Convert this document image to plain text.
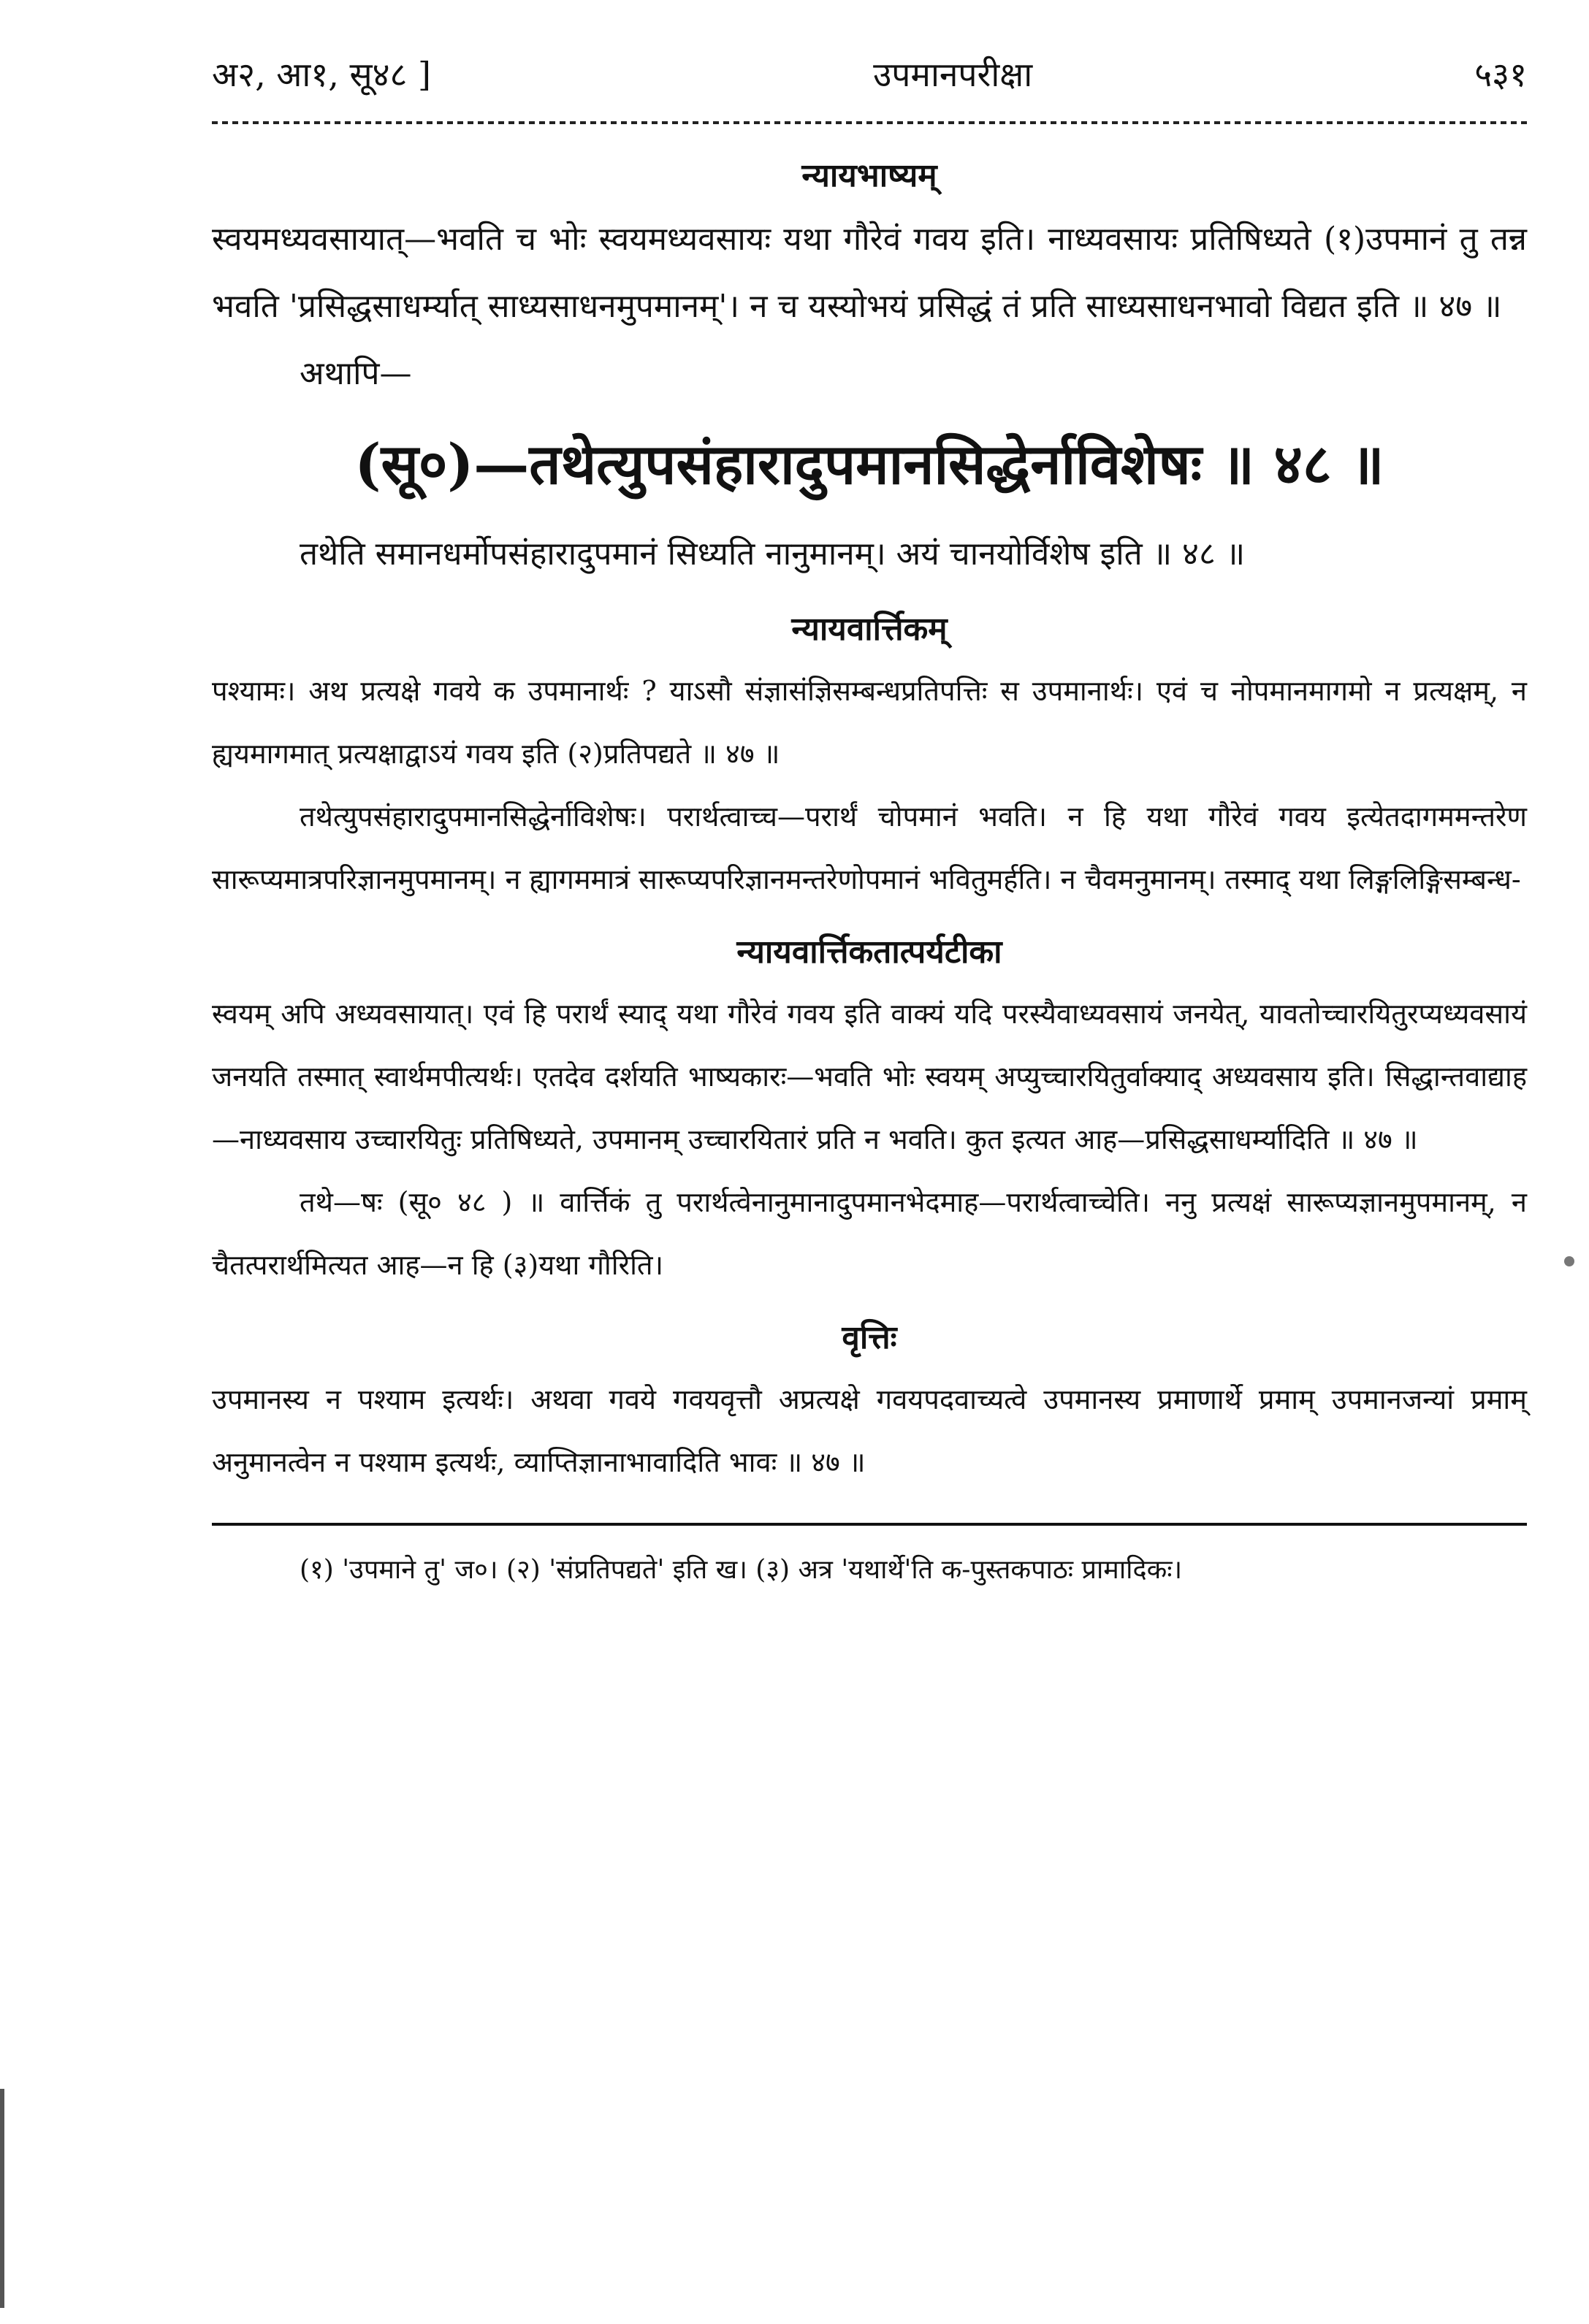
अ२, आ१, सू४८ ]	उपमानपरीक्षा	५३१
न्यायभाष्यम्

स्वयमध्यवसायात्—भवति च भोः स्वयमध्यवसायः यथा गौरेवं गवय इति। नाध्यवसायः प्रतिषिध्यते (१)उपमानं तु तन्न भवति 'प्रसिद्धसाधर्म्यात् साध्यसाधनमुपमानम्'। न च यस्योभयं प्रसिद्धं तं प्रति साध्यसाधनभावो विद्यत इति ॥ ४७ ॥

अथापि—

(सू०)—तथेत्युपसंहारादुपमानसिद्धेर्नाविशेषः ॥ ४८ ॥

तथेति समानधर्मोपसंहारादुपमानं सिध्यति नानुमानम्। अयं चानयोर्विशेष इति ॥ ४८ ॥

न्यायवार्त्तिकम्

पश्यामः। अथ प्रत्यक्षे गवये क उपमानार्थः ? याऽसौ संज्ञासंज्ञिसम्बन्धप्रतिपत्तिः स उपमानार्थः। एवं च नोपमानमागमो न प्रत्यक्षम्, न ह्ययमागमात् प्रत्यक्षाद्वाऽयं गवय इति (२)प्रतिपद्यते ॥ ४७ ॥

तथेत्युपसंहारादुपमानसिद्धेर्नाविशेषः। परार्थत्वाच्च—परार्थं चोपमानं भवति। न हि यथा गौरेवं गवय इत्येतदागममन्तरेण सारूप्यमात्रपरिज्ञानमुपमानम्। न ह्यागममात्रं सारूप्यपरिज्ञानमन्तरेणोपमानं भवितुमर्हति। न चैवमनुमानम्। तस्माद् यथा लिङ्गलिङ्गिसम्बन्ध-

न्यायवार्त्तिकतात्पर्यटीका

स्वयम् अपि अध्यवसायात्। एवं हि परार्थं स्याद् यथा गौरेवं गवय इति वाक्यं यदि परस्यैवाध्यवसायं जनयेत्, यावतोच्चारयितुरप्यध्यवसायं जनयति तस्मात् स्वार्थमपीत्यर्थः। एतदेव दर्शयति भाष्यकारः—भवति भोः स्वयम् अप्युच्चारयितुर्वाक्याद् अध्यवसाय इति। सिद्धान्तवाद्याह—नाध्यवसाय उच्चारयितुः प्रतिषिध्यते, उपमानम् उच्चारयितारं प्रति न भवति। कुत इत्यत आह—प्रसिद्धसाधर्म्यादिति ॥ ४७ ॥

तथे—षः (सू० ४८ ) ॥ वार्त्तिकं तु परार्थत्वेनानुमानादुपमानभेदमाह—परार्थत्वाच्चेति। ननु प्रत्यक्षं सारूप्यज्ञानमुपमानम्, न चैतत्परार्थमित्यत आह—न हि (३)यथा गौरिति।

वृत्तिः

उपमानस्य न पश्याम इत्यर्थः। अथवा गवये गवयवृत्तौ अप्रत्यक्षे गवयपदवाच्यत्वे उपमानस्य प्रमाणार्थे प्रमाम् उपमानजन्यां प्रमाम् अनुमानत्वेन न पश्याम इत्यर्थः, व्याप्तिज्ञानाभावादिति भावः ॥ ४७ ॥

(१) 'उपमाने तु' ज०। (२) 'संप्रतिपद्यते' इति ख। (३) अत्र 'यथार्थे'ति क-पुस्तकपाठः प्रामादिकः।
